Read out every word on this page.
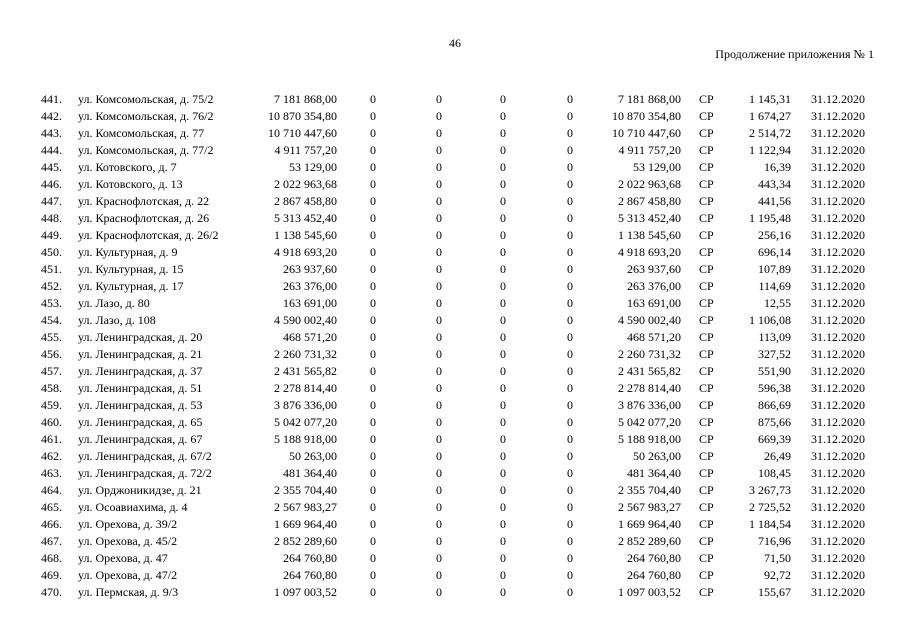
46
Продолжение приложения № 1
441. ул. Комсомольская, д. 75/2	7 181 868,00	0	0	0	0	7 181 868,00 СР	1 145,31 31.12.2020
442. ул. Комсомольская, д. 76/2	10 870 354,80	0	0	0	0	10 870 354,80 СР	1 674,27 31.12.2020
443. ул. Комсомольская, д. 77	10 710 447,60	0	0	0	0	10 710 447,60 СР	2 514,72 31.12.2020
444. ул. Комсомольская, д. 77/2	4 911 757,20	0	0	0	0	4 911 757,20 СР	1 122,94 31.12.2020
445. ул. Котовского, д. 7	53 129,00	0	0	0	0	53 129,00 СР	16,39 31.12.2020
446. ул. Котовского, д. 13	2 022 963,68	0	0	0	0	2 022 963,68 СР	443,34 31.12.2020
447. ул. Краснофлотская, д. 22	2 867 458,80	0	0	0	0	2 867 458,80 СР	441,56 31.12.2020
448. ул. Краснофлотская, д. 26	5 313 452,40	0	0	0	0	5 313 452,40 СР	1 195,48 31.12.2020
449. ул. Краснофлотская, д. 26/2	1 138 545,60	0	0	0	0	1 138 545,60 СР	256,16 31.12.2020
450. ул. Культурная, д. 9	4 918 693,20	0	0	0	0	4 918 693,20 СР	696,14 31.12.2020
451. ул. Культурная, д. 15	263 937,60	0	0	0	0	263 937,60 СР	107,89 31.12.2020
452. ул. Культурная, д. 17	263 376,00	0	0	0	0	263 376,00 СР	114,69 31.12.2020
453. ул. Лазо, д. 80	163 691,00	0	0	0	0	163 691,00 СР	12,55 31.12.2020
454. ул. Лазо, д. 108	4 590 002,40	0	0	0	0	4 590 002,40 СР	1 106,08 31.12.2020
455. ул. Ленинградская, д. 20	468 571,20	0	0	0	0	468 571,20 СР	113,09 31.12.2020
456. ул. Ленинградская, д. 21	2 260 731,32	0	0	0	0	2 260 731,32 СР	327,52 31.12.2020
457. ул. Ленинградская, д. 37	2 431 565,82	0	0	0	0	2 431 565,82 СР	551,90 31.12.2020
458. ул. Ленинградская, д. 51	2 278 814,40	0	0	0	0	2 278 814,40 СР	596,38 31.12.2020
459. ул. Ленинградская, д. 53	3 876 336,00	0	0	0	0	3 876 336,00 СР	866,69 31.12.2020
460. ул. Ленинградская, д. 65	5 042 077,20	0	0	0	0	5 042 077,20 СР	875,66 31.12.2020
461. ул. Ленинградская, д. 67	5 188 918,00	0	0	0	0	5 188 918,00 СР	669,39 31.12.2020
462. ул. Ленинградская, д. 67/2	50 263,00	0	0	0	0	50 263,00 СР	26,49 31.12.2020
463. ул. Ленинградская, д. 72/2	481 364,40	0	0	0	0	481 364,40 СР	108,45 31.12.2020
464. ул. Орджоникидзе, д. 21	2 355 704,40	0	0	0	0	2 355 704,40 СР	3 267,73 31.12.2020
465. ул. Осоавиахима, д. 4	2 567 983,27	0	0	0	0	2 567 983,27 СР	2 725,52 31.12.2020
466. ул. Орехова, д. 39/2	1 669 964,40	0	0	0	0	1 669 964,40 СР	1 184,54 31.12.2020
467. ул. Орехова, д. 45/2	2 852 289,60	0	0	0	0	2 852 289,60 СР	716,96 31.12.2020
468. ул. Орехова, д. 47	264 760,80	0	0	0	0	264 760,80 СР	71,50 31.12.2020
469. ул. Орехова, д. 47/2	264 760,80	0	0	0	0	264 760,80 СР	92,72 31.12.2020
470. ул. Пермская, д. 9/3	1 097 003,52	0	0	0	0	1 097 003,52 СР	155,67 31.12.2020
